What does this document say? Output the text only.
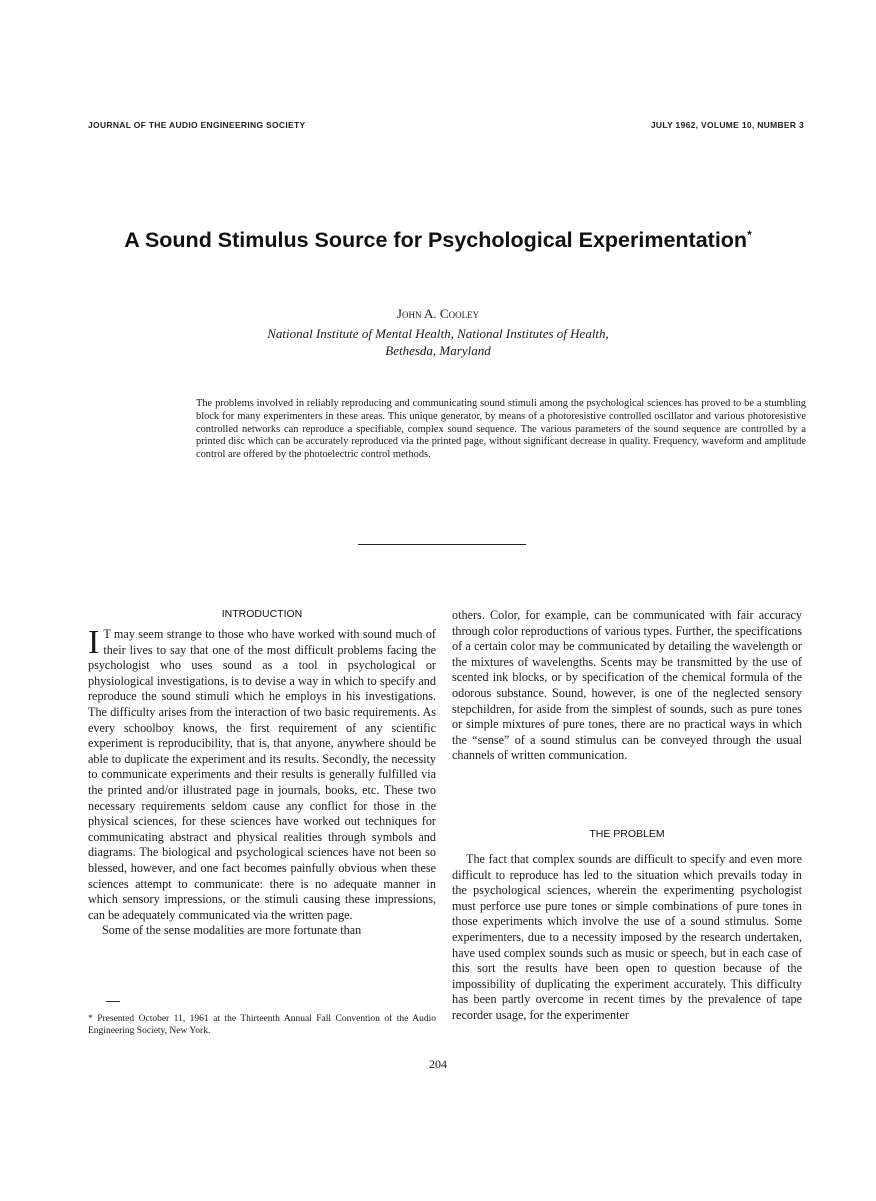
JOURNAL OF THE AUDIO ENGINEERING SOCIETY	JULY 1962, VOLUME 10, NUMBER 3
A Sound Stimulus Source for Psychological Experimentation*
John A. Cooley
National Institute of Mental Health, National Institutes of Health,
Bethesda, Maryland
The problems involved in reliably reproducing and communicating sound stimuli among the psychological sciences has proved to be a stumbling block for many experimenters in these areas. This unique generator, by means of a photoresistive controlled oscillator and various photoresistive controlled networks can reproduce a specifiable, complex sound sequence. The various parameters of the sound sequence are controlled by a printed disc which can be accurately reproduced via the printed page, without significant decrease in quality. Frequency, waveform and amplitude control are offered by the photoelectric control methods.
INTRODUCTION

I T may seem strange to those who have worked with sound much of their lives to say that one of the most difficult problems facing the psychologist who uses sound as a tool in psychological or physiological investigations, is to devise a way in which to specify and reproduce the sound stimuli which he employs in his investigations. The difficulty arises from the interaction of two basic requirements. As every schoolboy knows, the first requirement of any scientific experiment is reproducibility, that is, that anyone, anywhere should be able to duplicate the experiment and its results. Secondly, the necessity to communicate experiments and their results is generally fulfilled via the printed and/or illustrated page in journals, books, etc. These two necessary requirements seldom cause any conflict for those in the physical sciences, for these sciences have worked out techniques for communicating abstract and physical realities through symbols and diagrams. The biological and psychological sciences have not been so blessed, however, and one fact becomes painfully obvious when these sciences attempt to communicate: there is no adequate manner in which sensory impressions, or the stimuli causing these impressions, can be adequately communicated via the written page.

Some of the sense modalities are more fortunate than

* Presented October 11, 1961 at the Thirteenth Annual Fall Convention of the Audio Engineering Society, New York.

others. Color, for example, can be communicated with fair accuracy through color reproductions of various types. Further, the specifications of a certain color may be communicated by detailing the wavelength or the mixtures of wavelengths. Scents may be transmitted by the use of scented ink blocks, or by specification of the chemical formula of the odorous substance. Sound, however, is one of the neglected sensory stepchildren, for aside from the simplest of sounds, such as pure tones or simple mixtures of pure tones, there are no practical ways in which the “sense” of a sound stimulus can be conveyed through the usual channels of written communication.

THE PROBLEM

The fact that complex sounds are difficult to specify and even more difficult to reproduce has led to the situation which prevails today in the psychological sciences, wherein the experimenting psychologist must perforce use pure tones or simple combinations of pure tones in those experiments which involve the use of a sound stimulus. Some experimenters, due to a necessity imposed by the research undertaken, have used complex sounds such as music or speech, but in each case of this sort the results have been open to question because of the impossibility of duplicating the experiment accurately. This difficulty has been partly overcome in recent times by the prevalence of tape recorder usage, for the experimenter

204
